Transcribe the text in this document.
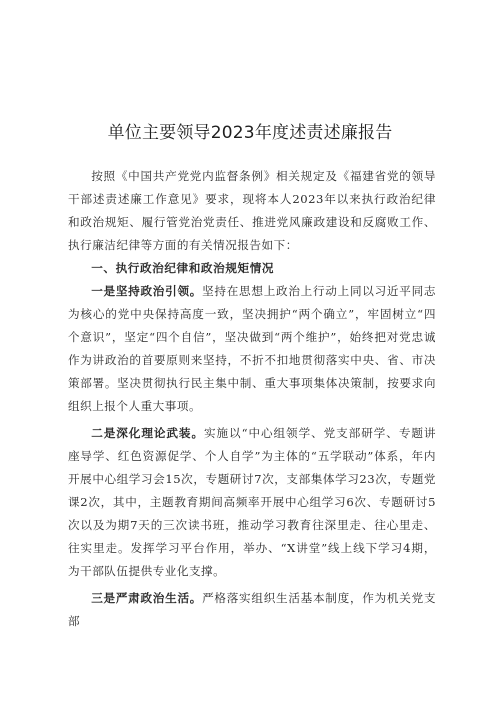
单位主要领导2023年度述责述廉报告

按照《中国共产党党内监督条例》相关规定及《福建省党的领导干部述责述廉工作意见》要求，现将本人2023年以来执行政治纪律和政治规矩、履行管党治党责任、推进党风廉政建设和反腐败工作、执行廉洁纪律等方面的有关情况报告如下：

一、执行政治纪律和政治规矩情况

一是坚持政治引领。坚持在思想上政治上行动上同以习近平同志为核心的党中央保持高度一致，坚决拥护“两个确立”，牢固树立“四个意识”，坚定“四个自信”，坚决做到“两个维护”，始终把对党忠诚作为讲政治的首要原则来坚持，不折不扣地贯彻落实中央、省、市决策部署。坚决贯彻执行民主集中制、重大事项集体决策制，按要求向组织上报个人重大事项。

二是深化理论武装。实施以“中心组领学、党支部研学、专题讲座导学、红色资源促学、个人自学”为主体的“五学联动”体系，年内开展中心组学习会15次，专题研讨7次，支部集体学习23次，专题党课2次，其中，主题教育期间高频率开展中心组学习6次、专题研讨5次以及为期7天的三次读书班，推动学习教育往深里走、往心里走、往实里走。发挥学习平台作用，举办、“X讲堂”线上线下学习4期，为干部队伍提供专业化支撑。

三是严肃政治生活。严格落实组织生活基本制度，作为机关党支部
